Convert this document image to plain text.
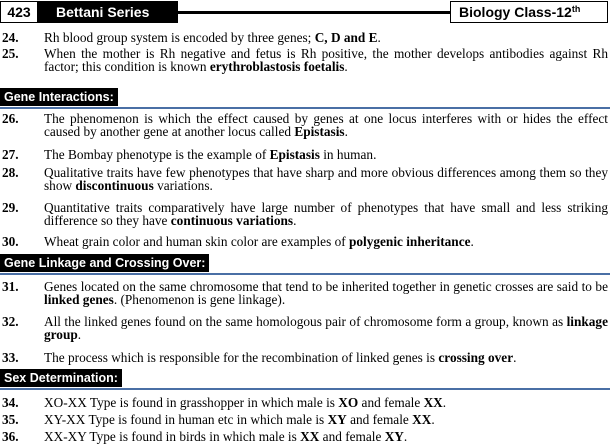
423	Bettani Series	Biology Class-12th
24.	Rh blood group system is encoded by three genes; C, D and E.
25.	When the mother is Rh negative and fetus is Rh positive, the mother develops antibodies against Rh factor; this condition is known erythroblastosis foetalis.
Gene Interactions:
26.	The phenomenon is which the effect caused by genes at one locus interferes with or hides the effect caused by another gene at another locus called Epistasis.
27.	The Bombay phenotype is the example of Epistasis in human.
28.	Qualitative traits have few phenotypes that have sharp and more obvious differences among them so they show discontinuous variations.
29.	Quantitative traits comparatively have large number of phenotypes that have small and less striking difference so they have continuous variations.
30.	Wheat grain color and human skin color are examples of polygenic inheritance.
Gene Linkage and Crossing Over:
31.	Genes located on the same chromosome that tend to be inherited together in genetic crosses are said to be linked genes. (Phenomenon is gene linkage).
32.	All the linked genes found on the same homologous pair of chromosome form a group, known as linkage group.
33.	The process which is responsible for the recombination of linked genes is crossing over.
Sex Determination:
34.	XO-XX Type is found in grasshopper in which male is XO and female XX.
35.	XY-XX Type is found in human etc in which male is XY and female XX.
36.	XX-XY Type is found in birds in which male is XX and female XY.
